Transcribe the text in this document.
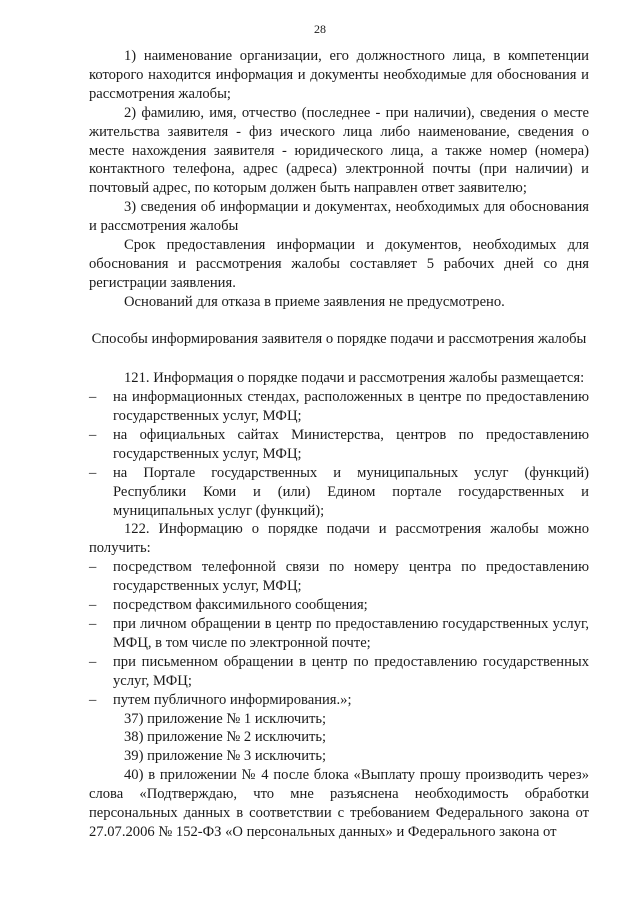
28

1) наименование организации, его должностного лица, в компетенции которого находится информация и документы необходимые для обоснования и рассмотрения жалобы;

2) фамилию, имя, отчество (последнее - при наличии), сведения о месте жительства заявителя - физ ического лица либо наименование, сведения о месте нахождения заявителя - юридического лица, а также номер (номера) контактного телефона, адрес (адреса) электронной почты (при наличии) и почтовый адрес, по которым должен быть направлен ответ заявителю;

3) сведения об информации и документах, необходимых для обоснования и рассмотрения жалобы

Срок предоставления информации и документов, необходимых для обоснования и рассмотрения жалобы составляет 5 рабочих дней со дня регистрации заявления.

Оснований для отказа в приеме заявления не предусмотрено.

Способы информирования заявителя о порядке подачи и рассмотрения жалобы

121. Информация о порядке подачи и рассмотрения жалобы размещается:

–	на информационных стендах, расположенных в центре по предоставлению государственных услуг, МФЦ;
–	на официальных сайтах Министерства, центров по предоставлению государственных услуг, МФЦ;
–	на Портале государственных и муниципальных услуг (функций) Республики Коми и (или) Едином портале государственных и муниципальных услуг (функций);

122. Информацию о порядке подачи и рассмотрения жалобы можно получить:

–	посредством телефонной связи по номеру центра по предоставлению государственных услуг, МФЦ;
–	посредством факсимильного сообщения;
–	при личном обращении в центр по предоставлению государственных услуг, МФЦ, в том числе по электронной почте;
–	при письменном обращении в центр по предоставлению государственных услуг, МФЦ;
–	путем публичного информирования.»;

37) приложение № 1 исключить;

38) приложение № 2 исключить;

39) приложение № 3 исключить;

40) в приложении № 4 после блока «Выплату прошу производить через» слова «Подтверждаю, что мне разъяснена необходимость обработки персональных данных в соответствии с требованием Федерального закона от 27.07.2006 № 152-ФЗ «О персональных данных» и Федерального закона от
